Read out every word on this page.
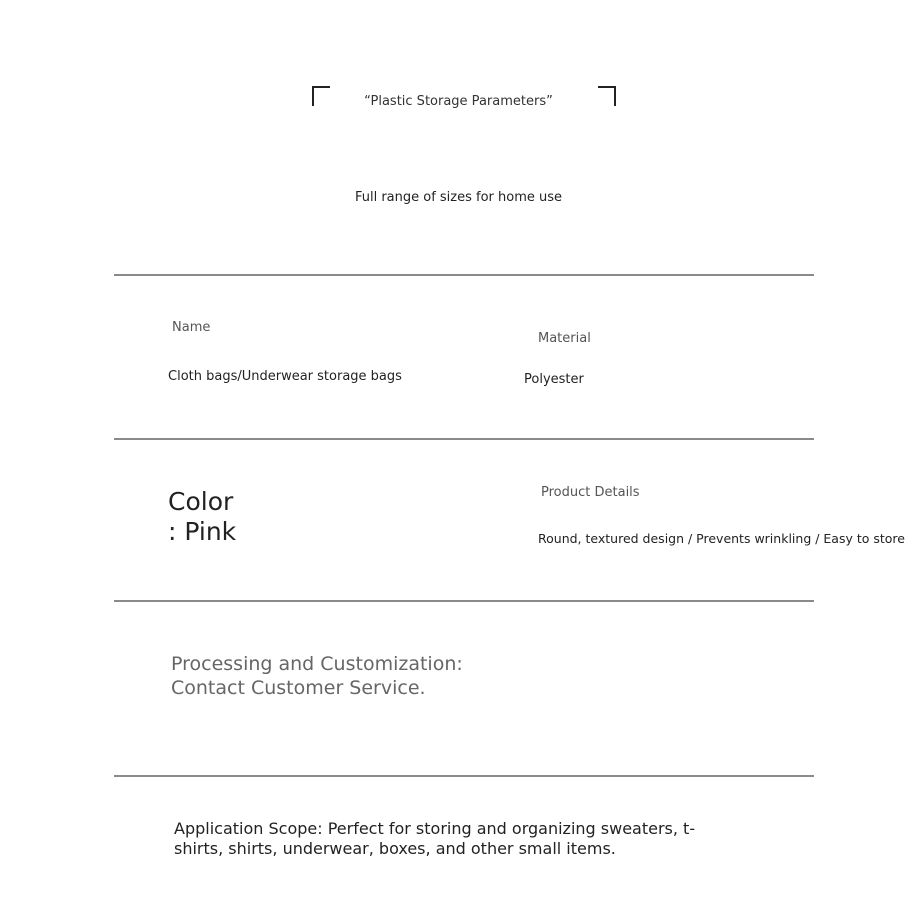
“Plastic Storage Parameters”
Full range of sizes for home use
Name
Cloth bags/Underwear storage bags
Material
Polyester
Color
: Pink
Product Details
Round, textured design / Prevents wrinkling / Easy to store
Processing and Customization:
Contact Customer Service.
Application Scope: Perfect for storing and organizing sweaters, t-shirts, shirts, underwear, boxes, and other small items.
